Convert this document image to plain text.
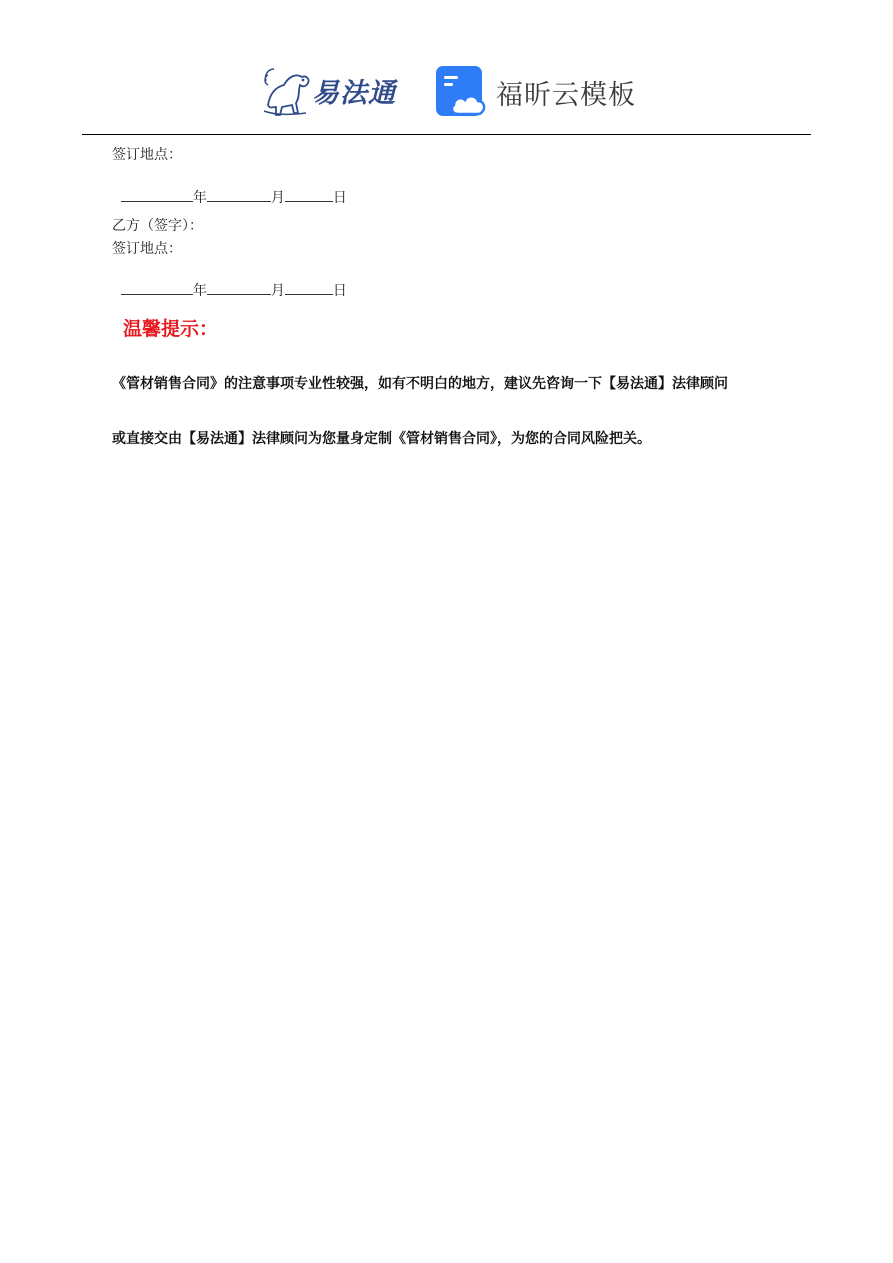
易法通	福昕云模板
签订地点：

年	月	日

乙方（签字）：
签订地点：

年	月	日

温馨提示：
《管材销售合同》的注意事项专业性较强，如有不明白的地方，建议先咨询一下【易法通】法律顾问
或直接交由【易法通】法律顾问为您量身定制《管材销售合同》，为您的合同风险把关。
